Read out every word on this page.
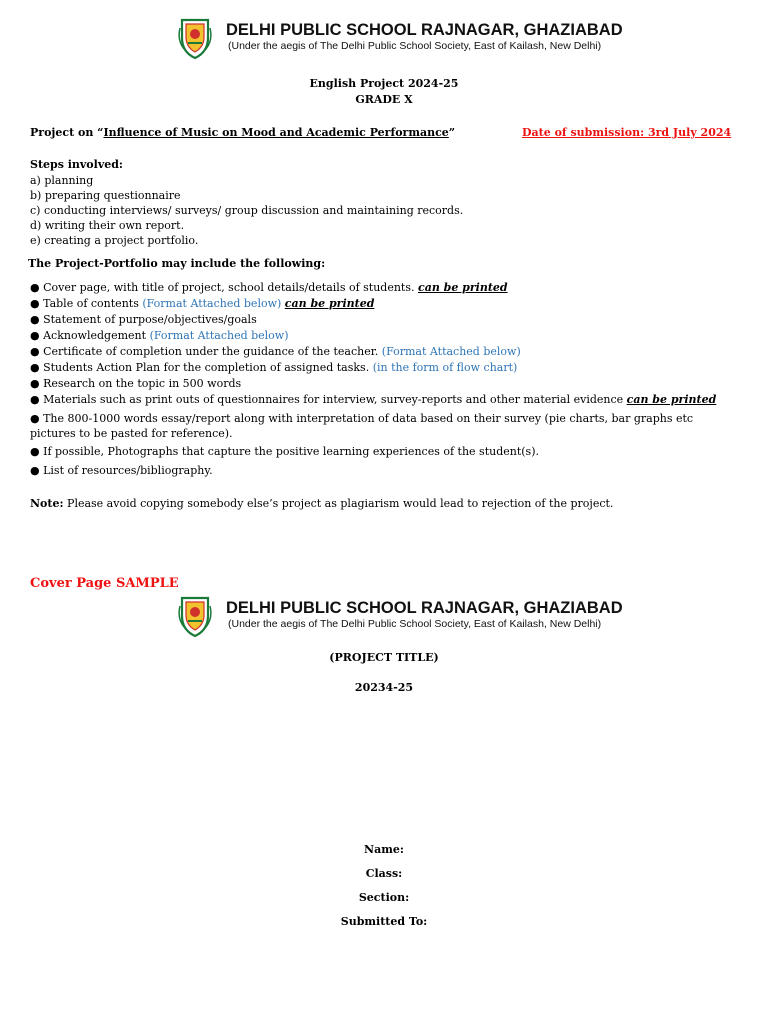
DELHI PUBLIC SCHOOL RAJNAGAR, GHAZIABAD
(Under the aegis of The Delhi Public School Society, East of Kailash, New Delhi)
English Project 2024-25
GRADE X
Project on “Influence of Music on Mood and Academic Performance”	Date of submission: 3rd July 2024
Steps involved:
a) planning
b) preparing questionnaire
c) conducting interviews/ surveys/ group discussion and maintaining records.
d) writing their own report.
e) creating a project portfolio.
The Project-Portfolio may include the following:
● Cover page, with title of project, school details/details of students. can be printed
● Table of contents (Format Attached below) can be printed
● Statement of purpose/objectives/goals
● Acknowledgement (Format Attached below)
● Certificate of completion under the guidance of the teacher. (Format Attached below)
● Students Action Plan for the completion of assigned tasks. (in the form of flow chart)
● Research on the topic in 500 words
● Materials such as print outs of questionnaires for interview, survey-reports and other material evidence can be printed
● The 800-1000 words essay/report along with interpretation of data based on their survey (pie charts, bar graphs etc pictures to be pasted for reference).
● If possible, Photographs that capture the positive learning experiences of the student(s).
● List of resources/bibliography.
Note: Please avoid copying somebody else’s project as plagiarism would lead to rejection of the project.
Cover Page SAMPLE
DELHI PUBLIC SCHOOL RAJNAGAR, GHAZIABAD
(Under the aegis of The Delhi Public School Society, East of Kailash, New Delhi)
(PROJECT TITLE)
20234-25
Name:
Class:
Section:
Submitted To:
